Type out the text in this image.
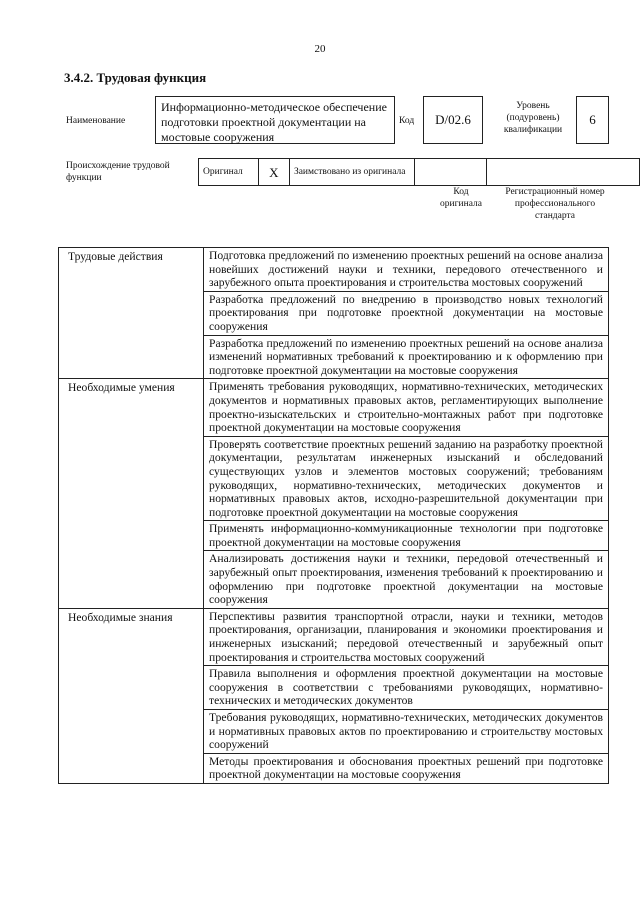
20
3.4.2. Трудовая функция
Наименование
Информационно-методическое обеспечение подготовки проектной документации на мостовые сооружения
Код D/02.6
Уровень (подуровень) квалификации
6
Происхождение трудовой функции
Оригинал	X	Заимствовано из оригинала		
Код оригинала
Регистрационный номер профессионального стандарта
Трудовые действия	Подготовка предложений по изменению проектных решений на основе анализа новейших достижений науки и техники, передового отечественного и зарубежного опыта проектирования и строительства мостовых сооружений
	Разработка предложений по внедрению в производство новых технологий проектирования при подготовке проектной документации на мостовые сооружения
	Разработка предложений по изменению проектных решений на основе анализа изменений нормативных требований к проектированию и к оформлению при подготовке проектной документации на мостовые сооружения
Необходимые умения	Применять требования руководящих, нормативно-технических, методических документов и нормативных правовых актов, регламентирующих выполнение проектно-изыскательских и строительно-монтажных работ при подготовке проектной документации на мостовые сооружения
	Проверять соответствие проектных решений заданию на разработку проектной документации, результатам инженерных изысканий и обследований существующих узлов и элементов мостовых сооружений; требованиям руководящих, нормативно-технических, методических документов и нормативных правовых актов, исходно-разрешительной документации при подготовке проектной документации на мостовые сооружения
	Применять информационно-коммуникационные технологии при подготовке проектной документации на мостовые сооружения
	Анализировать достижения науки и техники, передовой отечественный и зарубежный опыт проектирования, изменения требований к проектированию и оформлению при подготовке проектной документации на мостовые сооружения
Необходимые знания	Перспективы развития транспортной отрасли, науки и техники, методов проектирования, организации, планирования и экономики проектирования и инженерных изысканий; передовой отечественный и зарубежный опыт проектирования и строительства мостовых сооружений
	Правила выполнения и оформления проектной документации на мостовые сооружения в соответствии с требованиями руководящих, нормативно-технических и методических документов
	Требования руководящих, нормативно-технических, методических документов и нормативных правовых актов по проектированию и строительству мостовых сооружений
	Методы проектирования и обоснования проектных решений при подготовке проектной документации на мостовые сооружения
